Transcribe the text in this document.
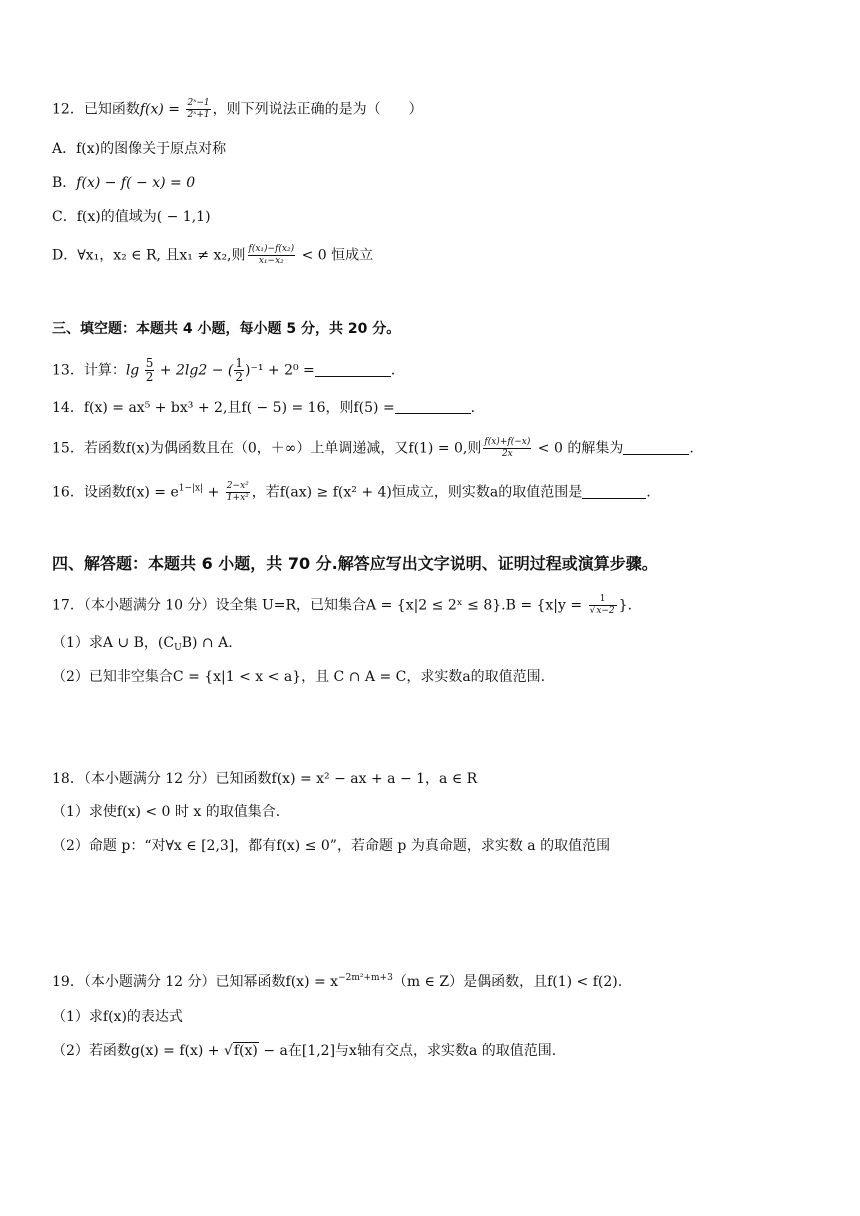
12．已知函数$f(x) = \frac{\text{2ˣ−1}}{\text{2ˣ+1}}$ ，则下列说法正确的是为（　　）
A．f(x)的图像关于原点对称
B．f(x) − f( − x) = 0
C．f(x)的值域为( − 1,1)
D．∀x₁，x₂ ∈ R, 且x₁ ≠ x₂,则 $\frac{\text{f(x₁)−f(x₂)}}{\text{x₁−x₂}} < 0$ 恒成立
三、填空题：本题共 4 小题，每小题 5 分，共 20 分。
13．计算：$\lg \frac{5}{2} + 2\lg 2$ − ( $\frac{1}{2} )^{-1} + 2^0$ =	.
14．f(x) = ax⁵ + bx³ + 2,且f( − 5) = 16，则f(5) =	.
15．若函数f(x)为偶函数且在（0，＋∞）上单调递减，又f(1) = 0,则 $\frac{f(x)+f(-x)}{2x} < 0$ 的解集为	.
16．设函数$f(x) = e^{1-|x|} + \frac{\text{2−x²}}{\text{1+x²}}$ ，若f(ax) ≥ f(x² + 4)恒成立，则实数a的取值范围是	.
四、解答题：本题共 6 小题，共 70 分.解答应写出文字说明、证明过程或演算步骤。
17．（本小题满分 10 分）设全集 U=R，已知集合A = {x|2 ≤ 2ˣ ≤ $8\}.B = \{x|y = \frac{1}{√x-2}$ }.
（1）求A ∪ B，$(C_UB)$ ∩ A.
（2）已知非空集合C = {x|1 < x < a}，且 C ∩ A = C，求实数a的取值范围.
18．（本小题满分 12 分）已知函数f(x) = x² − ax + a − 1，a ∈ R
（1）求使f(x) < 0 时 x 的取值集合.
（2）命题 p：“对∀x ∈ [2,3]，都有f(x) ≤ 0”，若命题 p 为真命题，求实数 a 的取值范围
19．（本小题满分 12 分）已知幂函数$f(x) = x^{-2m^2+m+3}(m$ ∈ Z）是偶函数，且f(1) < f(2).
（1）求f(x)的表达式
（2）若函数g(x) = f(x) + √f(x) − a在[1,2]与x轴有交点，求实数a 的取值范围.
